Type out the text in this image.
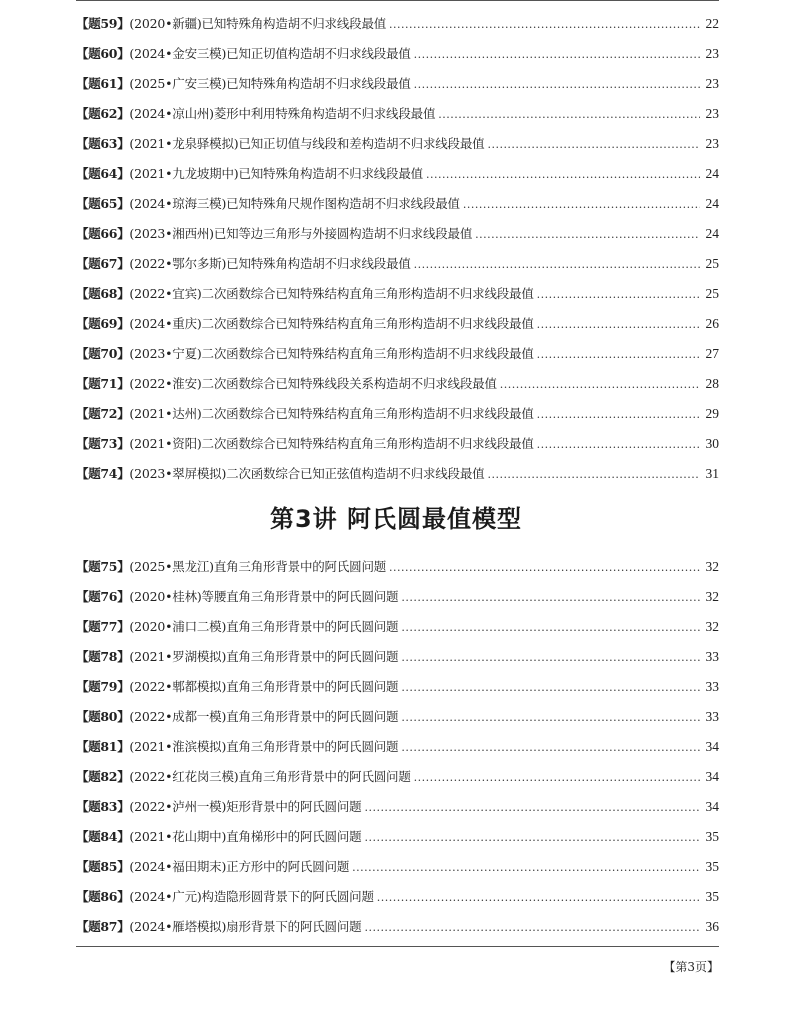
【题59】 (2020•新疆)已知特殊角构造胡不归求线段最值 .....	22
【题60】 (2024•金安三模)已知正切值构造胡不归求线段最值 .....	23
【题61】 (2025•广安三模)已知特殊角构造胡不归求线段最值 .....	23
【题62】 (2024•凉山州)菱形中利用特殊角构造胡不归求线段最值 .....	23
【题63】 (2021•龙泉驿模拟)已知正切值与线段和差构造胡不归求线段最值 .....	23
【题64】 (2021•九龙坡期中)已知特殊角构造胡不归求线段最值 .....	24
【题65】 (2024•琼海三模)已知特殊角尺规作图构造胡不归求线段最值 .....	24
【题66】 (2023•湘西州)已知等边三角形与外接圆构造胡不归求线段最值 .....	24
【题67】 (2022•鄂尔多斯)已知特殊角构造胡不归求线段最值 .....	25
【题68】 (2022•宜宾)二次函数综合已知特殊结构直角三角形构造胡不归求线段最值 .....	25
【题69】 (2024•重庆)二次函数综合已知特殊结构直角三角形构造胡不归求线段最值 .....	26
【题70】 (2023•宁夏)二次函数综合已知特殊结构直角三角形构造胡不归求线段最值 .....	27
【题71】 (2022•淮安)二次函数综合已知特殊线段关系构造胡不归求线段最值 .....	28
【题72】 (2021•达州)二次函数综合已知特殊结构直角三角形构造胡不归求线段最值 .....	29
【题73】 (2021•资阳)二次函数综合已知特殊结构直角三角形构造胡不归求线段最值 .....	30
【题74】 (2023•翠屏模拟)二次函数综合已知正弦值构造胡不归求线段最值 .....	31
第3讲 阿氏圆最值模型
【题75】 (2025•黑龙江)直角三角形背景中的阿氏圆问题 .....	32
【题76】 (2020•桂林)等腰直角三角形背景中的阿氏圆问题 .....	32
【题77】 (2020•浦口二模)直角三角形背景中的阿氏圆问题 .....	32
【题78】 (2021•罗湖模拟)直角三角形背景中的阿氏圆问题 .....	33
【题79】 (2022•郫都模拟)直角三角形背景中的阿氏圆问题 .....	33
【题80】 (2022•成都一模)直角三角形背景中的阿氏圆问题 .....	33
【题81】 (2021•淮滨模拟)直角三角形背景中的阿氏圆问题 .....	34
【题82】 (2022•红花岗三模)直角三角形背景中的阿氏圆问题 .....	34
【题83】 (2022•泸州一模)矩形背景中的阿氏圆问题 .....	34
【题84】 (2021•花山期中)直角梯形中的阿氏圆问题 .....	35
【题85】 (2024•福田期末)正方形中的阿氏圆问题 .....	35
【题86】 (2024•广元)构造隐形圆背景下的阿氏圆问题 .....	35
【题87】 (2024•雁塔模拟)扇形背景下的阿氏圆问题 .....	36
【第3页】
